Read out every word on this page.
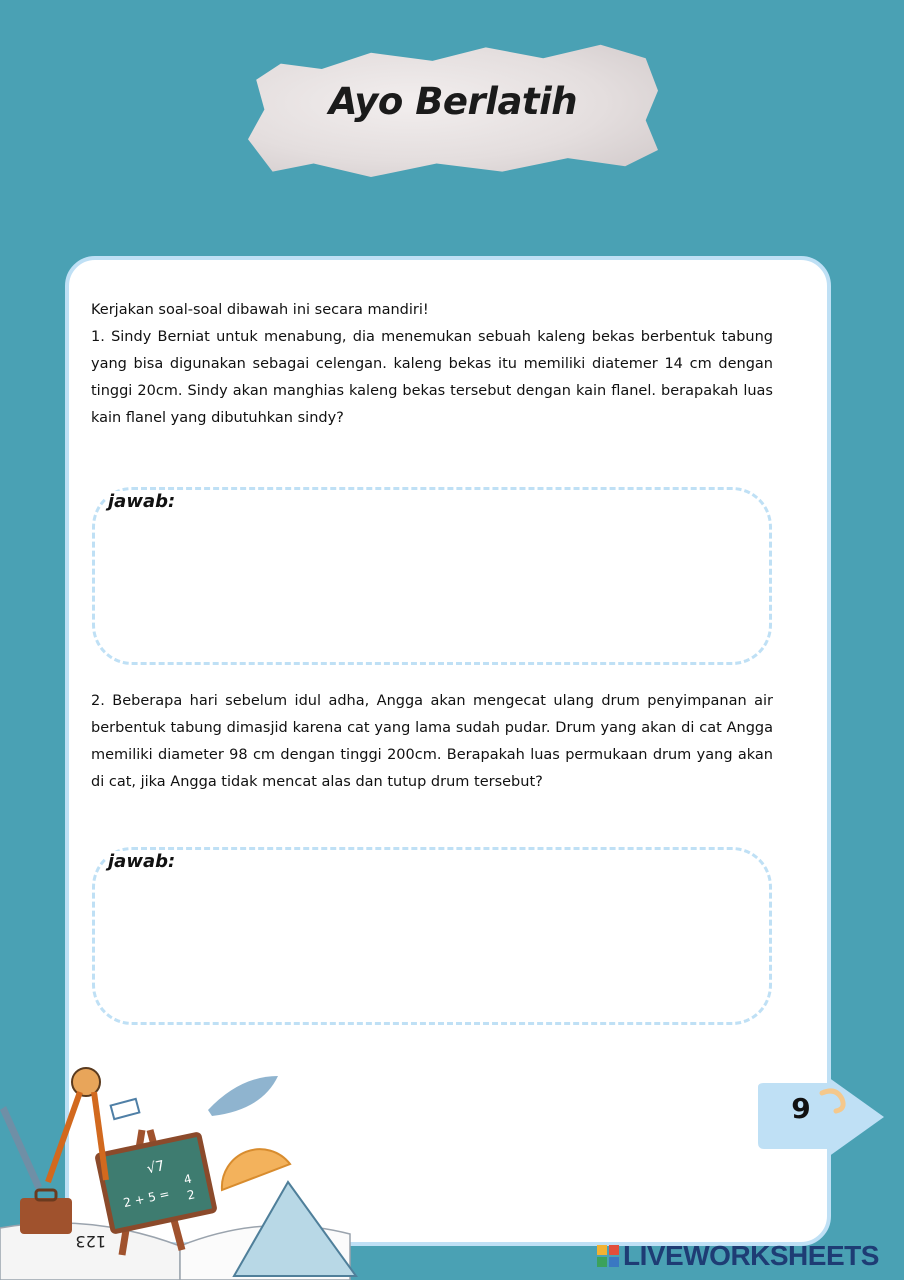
Ayo Berlatih
Kerjakan soal-soal dibawah ini secara mandiri!
1. Sindy Berniat untuk menabung, dia menemukan sebuah kaleng bekas berbentuk tabung yang bisa digunakan sebagai celengan. kaleng bekas itu memiliki diatemer 14 cm dengan tinggi 20cm. Sindy akan manghias kaleng bekas tersebut dengan kain flanel. berapakah luas kain flanel yang dibutuhkan sindy?
jawab:
2. Beberapa hari sebelum idul adha, Angga akan mengecat ulang drum penyimpanan air berbentuk tabung dimasjid karena cat yang lama sudah pudar. Drum yang akan di cat Angga memiliki diameter 98 cm dengan tinggi 200cm. Berapakah luas permukaan drum yang akan di cat, jika Angga tidak mencat alas dan tutup drum tersebut?
jawab:
9
123
√7
2 + 5 =
4
2
LIVEWORKSHEETS
